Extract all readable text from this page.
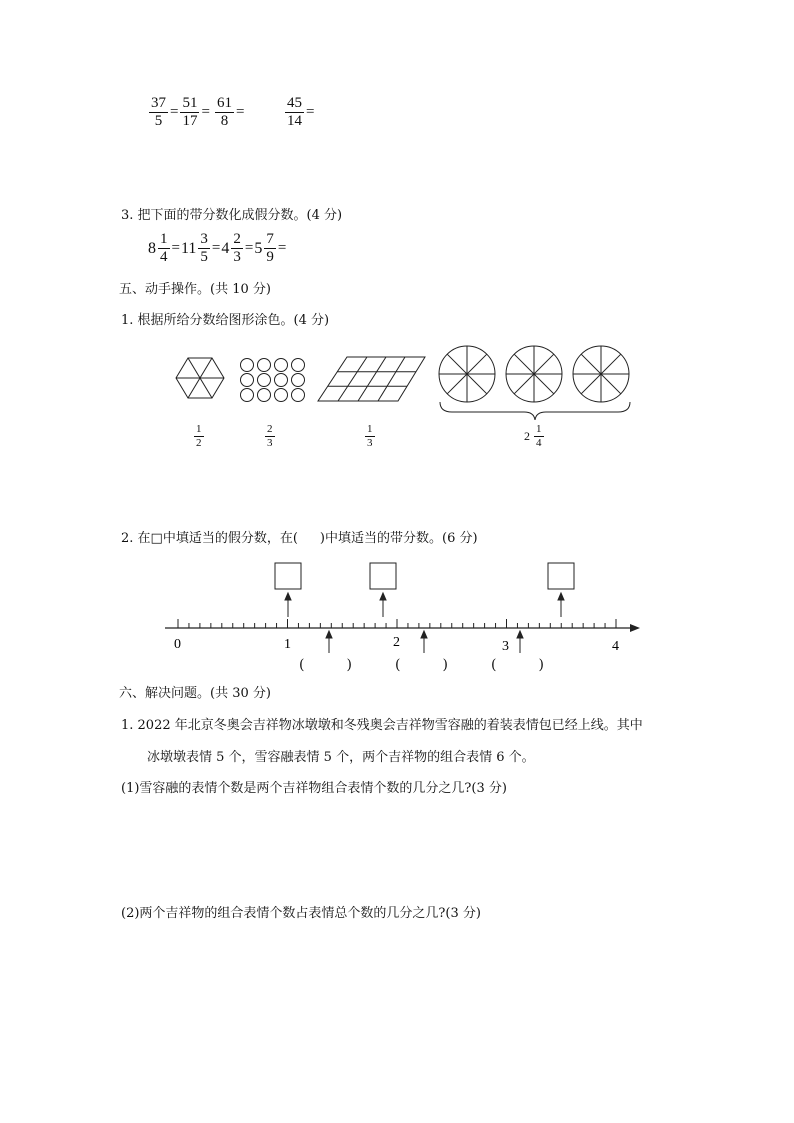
$\frac{37}{5} = \frac{51}{17} = \frac{61}{8}$ =	$\frac{45}{14}$ =
3. 把下面的带分数化成假分数。(4 分)
$8 \frac{1}{4} = 11 \frac{3}{5} = 4 \frac{2}{3} = 5 \frac{7}{9}$ =
五、动手操作。(共 10 分)
1. 根据所给分数给图形涂色。(4 分)
$\frac{1}{2}$	$\frac{2}{3}$	$\frac{1}{3}$	$2 \frac{1}{4}$
2. 在 □ 中填适当的假分数，在( )中填适当的带分数。(6 分)
0	1	2	3	4
(	)	(	)	(	)
六、解决问题。(共 30 分)
1. 2022 年北京冬奥会吉祥物冰墩墩和冬残奥会吉祥物雪容融的着装表情包已经上线。其中
冰墩墩表情 5 个，雪容融表情 5 个，两个吉祥物的组合表情 6 个。
(1)雪容融的表情个数是两个吉祥物组合表情个数的几分之几?(3 分)
(2)两个吉祥物的组合表情个数占表情总个数的几分之几?(3 分)
